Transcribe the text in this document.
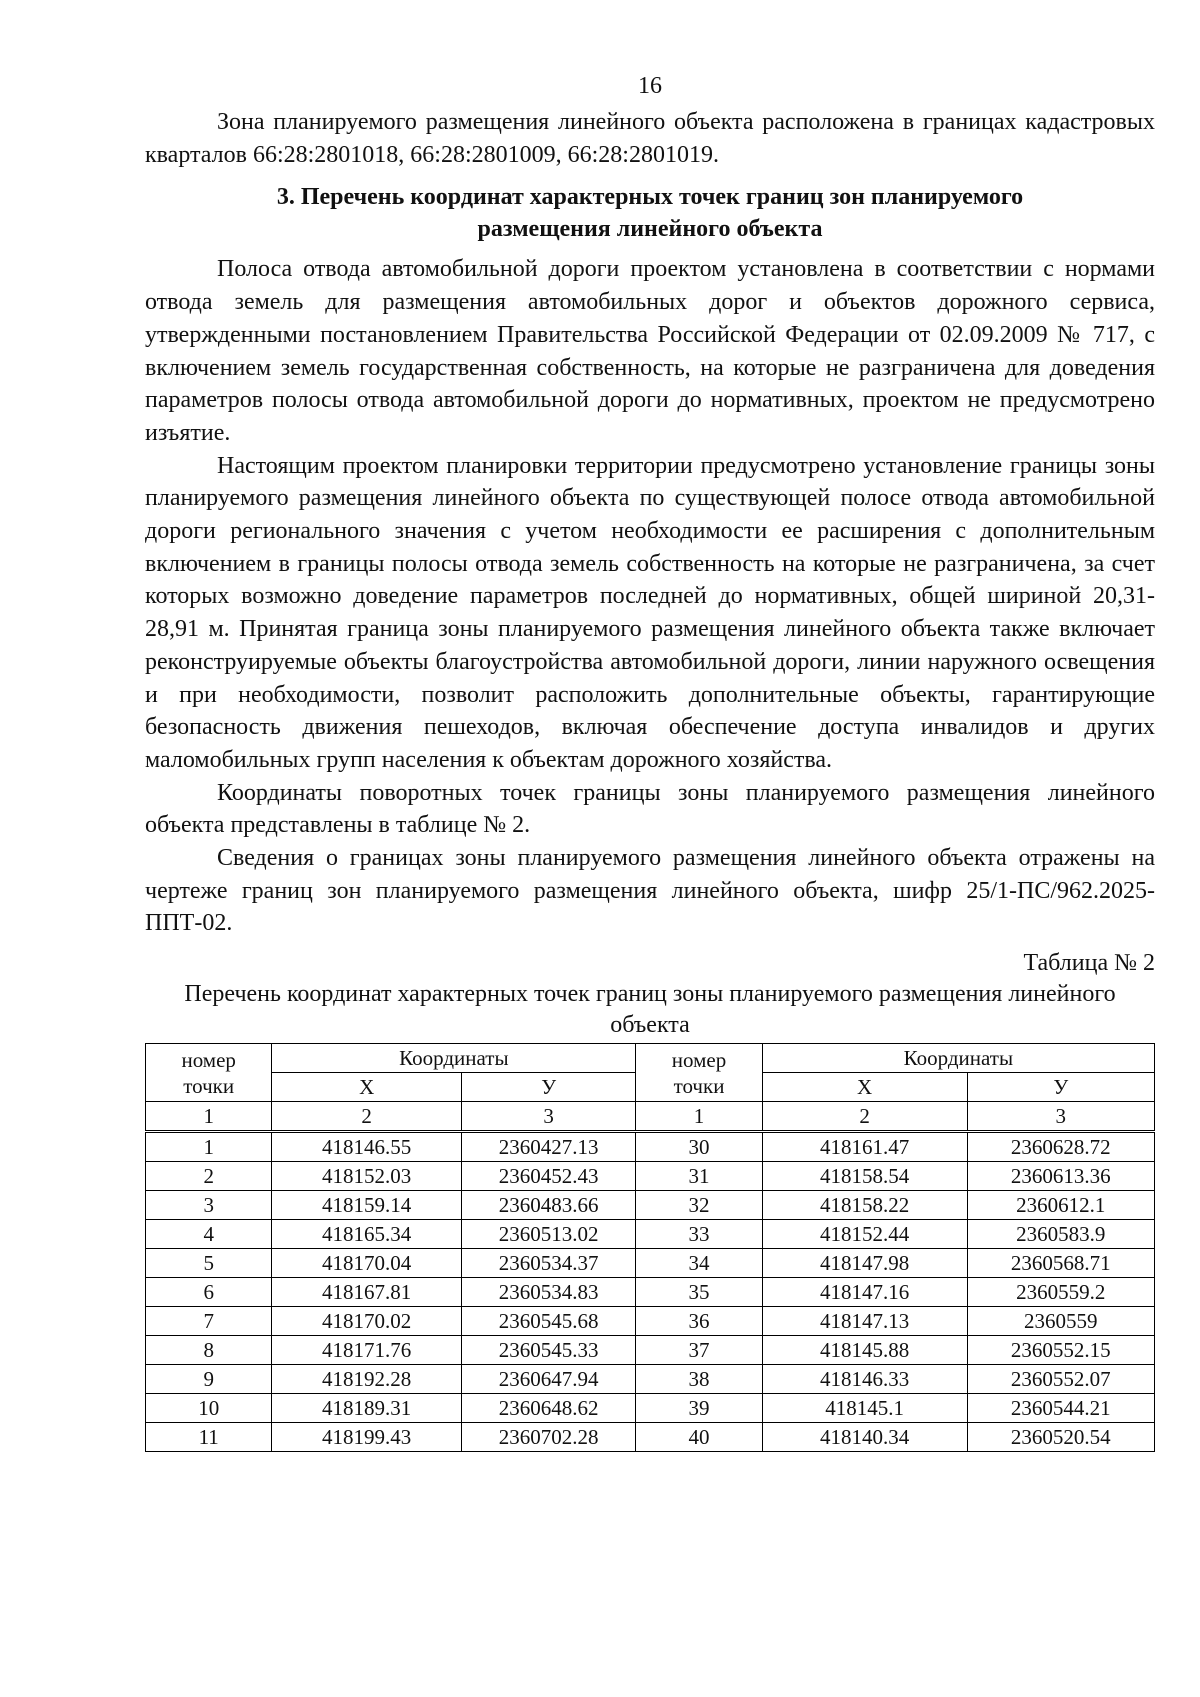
16

Зона планируемого размещения линейного объекта расположена в границах кадастровых кварталов 66:28:2801018, 66:28:2801009, 66:28:2801019.

3. Перечень координат характерных точек границ зон планируемого
размещения линейного объекта

Полоса отвода автомобильной дороги проектом установлена в соответствии с нормами отвода земель для размещения автомобильных дорог и объектов дорожного сервиса, утвержденными постановлением Правительства Российской Федерации от 02.09.2009 № 717, с включением земель государственная собственность, на которые не разграничена для доведения параметров полосы отвода автомобильной дороги до нормативных, проектом не предусмотрено изъятие.

Настоящим проектом планировки территории предусмотрено установление границы зоны планируемого размещения линейного объекта по существующей полосе отвода автомобильной дороги регионального значения с учетом необходимости ее расширения с дополнительным включением в границы полосы отвода земель собственность на которые не разграничена, за счет которых возможно доведение параметров последней до нормативных, общей шириной 20,31-28,91 м. Принятая граница зоны планируемого размещения линейного объекта также включает реконструируемые объекты благоустройства автомобильной дороги, линии наружного освещения и при необходимости, позволит расположить дополнительные объекты, гарантирующие безопасность движения пешеходов, включая обеспечение доступа инвалидов и других маломобильных групп населения к объектам дорожного хозяйства.

Координаты поворотных точек границы зоны планируемого размещения линейного объекта представлены в таблице № 2.

Сведения о границах зоны планируемого размещения линейного объекта отражены на чертеже границ зон планируемого размещения линейного объекта, шифр 25/1-ПС/962.2025-ППТ-02.

Таблица № 2
Перечень координат характерных точек границ зоны планируемого размещения линейного объекта
номер
точки	Координаты		номер
точки	Координаты	
	Х	У		Х	У
1	2	3	1	2	3
1	418146.55	2360427.13	30	418161.47	2360628.72
2	418152.03	2360452.43	31	418158.54	2360613.36
3	418159.14	2360483.66	32	418158.22	2360612.1
4	418165.34	2360513.02	33	418152.44	2360583.9
5	418170.04	2360534.37	34	418147.98	2360568.71
6	418167.81	2360534.83	35	418147.16	2360559.2
7	418170.02	2360545.68	36	418147.13	2360559
8	418171.76	2360545.33	37	418145.88	2360552.15
9	418192.28	2360647.94	38	418146.33	2360552.07
10	418189.31	2360648.62	39	418145.1	2360544.21
11	418199.43	2360702.28	40	418140.34	2360520.54
